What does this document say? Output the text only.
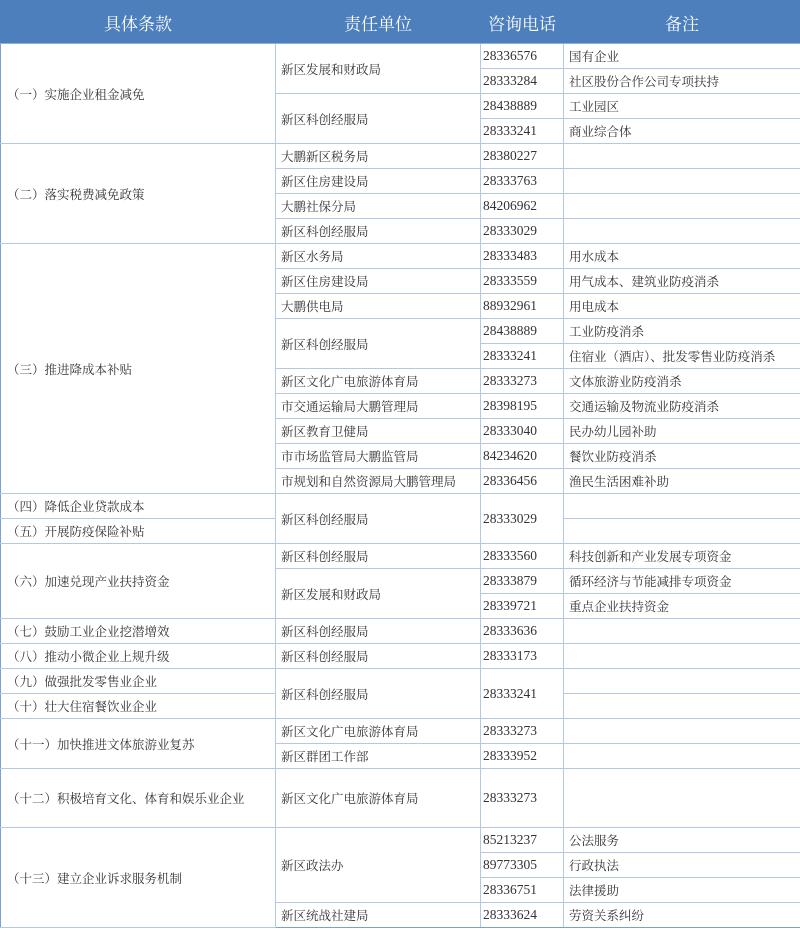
具体条款	责任单位	咨询电话	备注
（一）实施企业租金减免	新区发展和财政局	28336576	国有企业
		28333284	社区股份合作公司专项扶持
	新区科创经服局	28438889	工业园区
		28333241	商业综合体
（二）落实税费减免政策	大鹏新区税务局	28380227	
	新区住房建设局	28333763	
	大鹏社保分局	84206962	
	新区科创经服局	28333029	
（三）推进降成本补贴	新区水务局	28333483	用水成本
	新区住房建设局	28333559	用气成本、建筑业防疫消杀
	大鹏供电局	88932961	用电成本
	新区科创经服局	28438889	工业防疫消杀
		28333241	住宿业（酒店）、批发零售业防疫消杀
	新区文化广电旅游体育局	28333273	文体旅游业防疫消杀
	市交通运输局大鹏管理局	28398195	交通运输及物流业防疫消杀
	新区教育卫健局	28333040	民办幼儿园补助
	市市场监管局大鹏监管局	84234620	餐饮业防疫消杀
	市规划和自然资源局大鹏管理局	28336456	渔民生活困难补助
（四）降低企业贷款成本	新区科创经服局	28333029	
（五）开展防疫保险补贴			
（六）加速兑现产业扶持资金	新区科创经服局	28333560	科技创新和产业发展专项资金
	新区发展和财政局	28333879	循环经济与节能减排专项资金
		28339721	重点企业扶持资金
（七）鼓励工业企业挖潜增效	新区科创经服局	28333636	
（八）推动小微企业上规升级	新区科创经服局	28333173	
（九）做强批发零售业企业	新区科创经服局	28333241	
（十）壮大住宿餐饮业企业			
（十一）加快推进文体旅游业复苏	新区文化广电旅游体育局	28333273	
	新区群团工作部	28333952	
（十二）积极培育文化、体育和娱乐业企业	新区文化广电旅游体育局	28333273	
（十三）建立企业诉求服务机制	新区政法办	85213237	公法服务
		89773305	行政执法
		28336751	法律援助
	新区统战社建局	28333624	劳资关系纠纷
